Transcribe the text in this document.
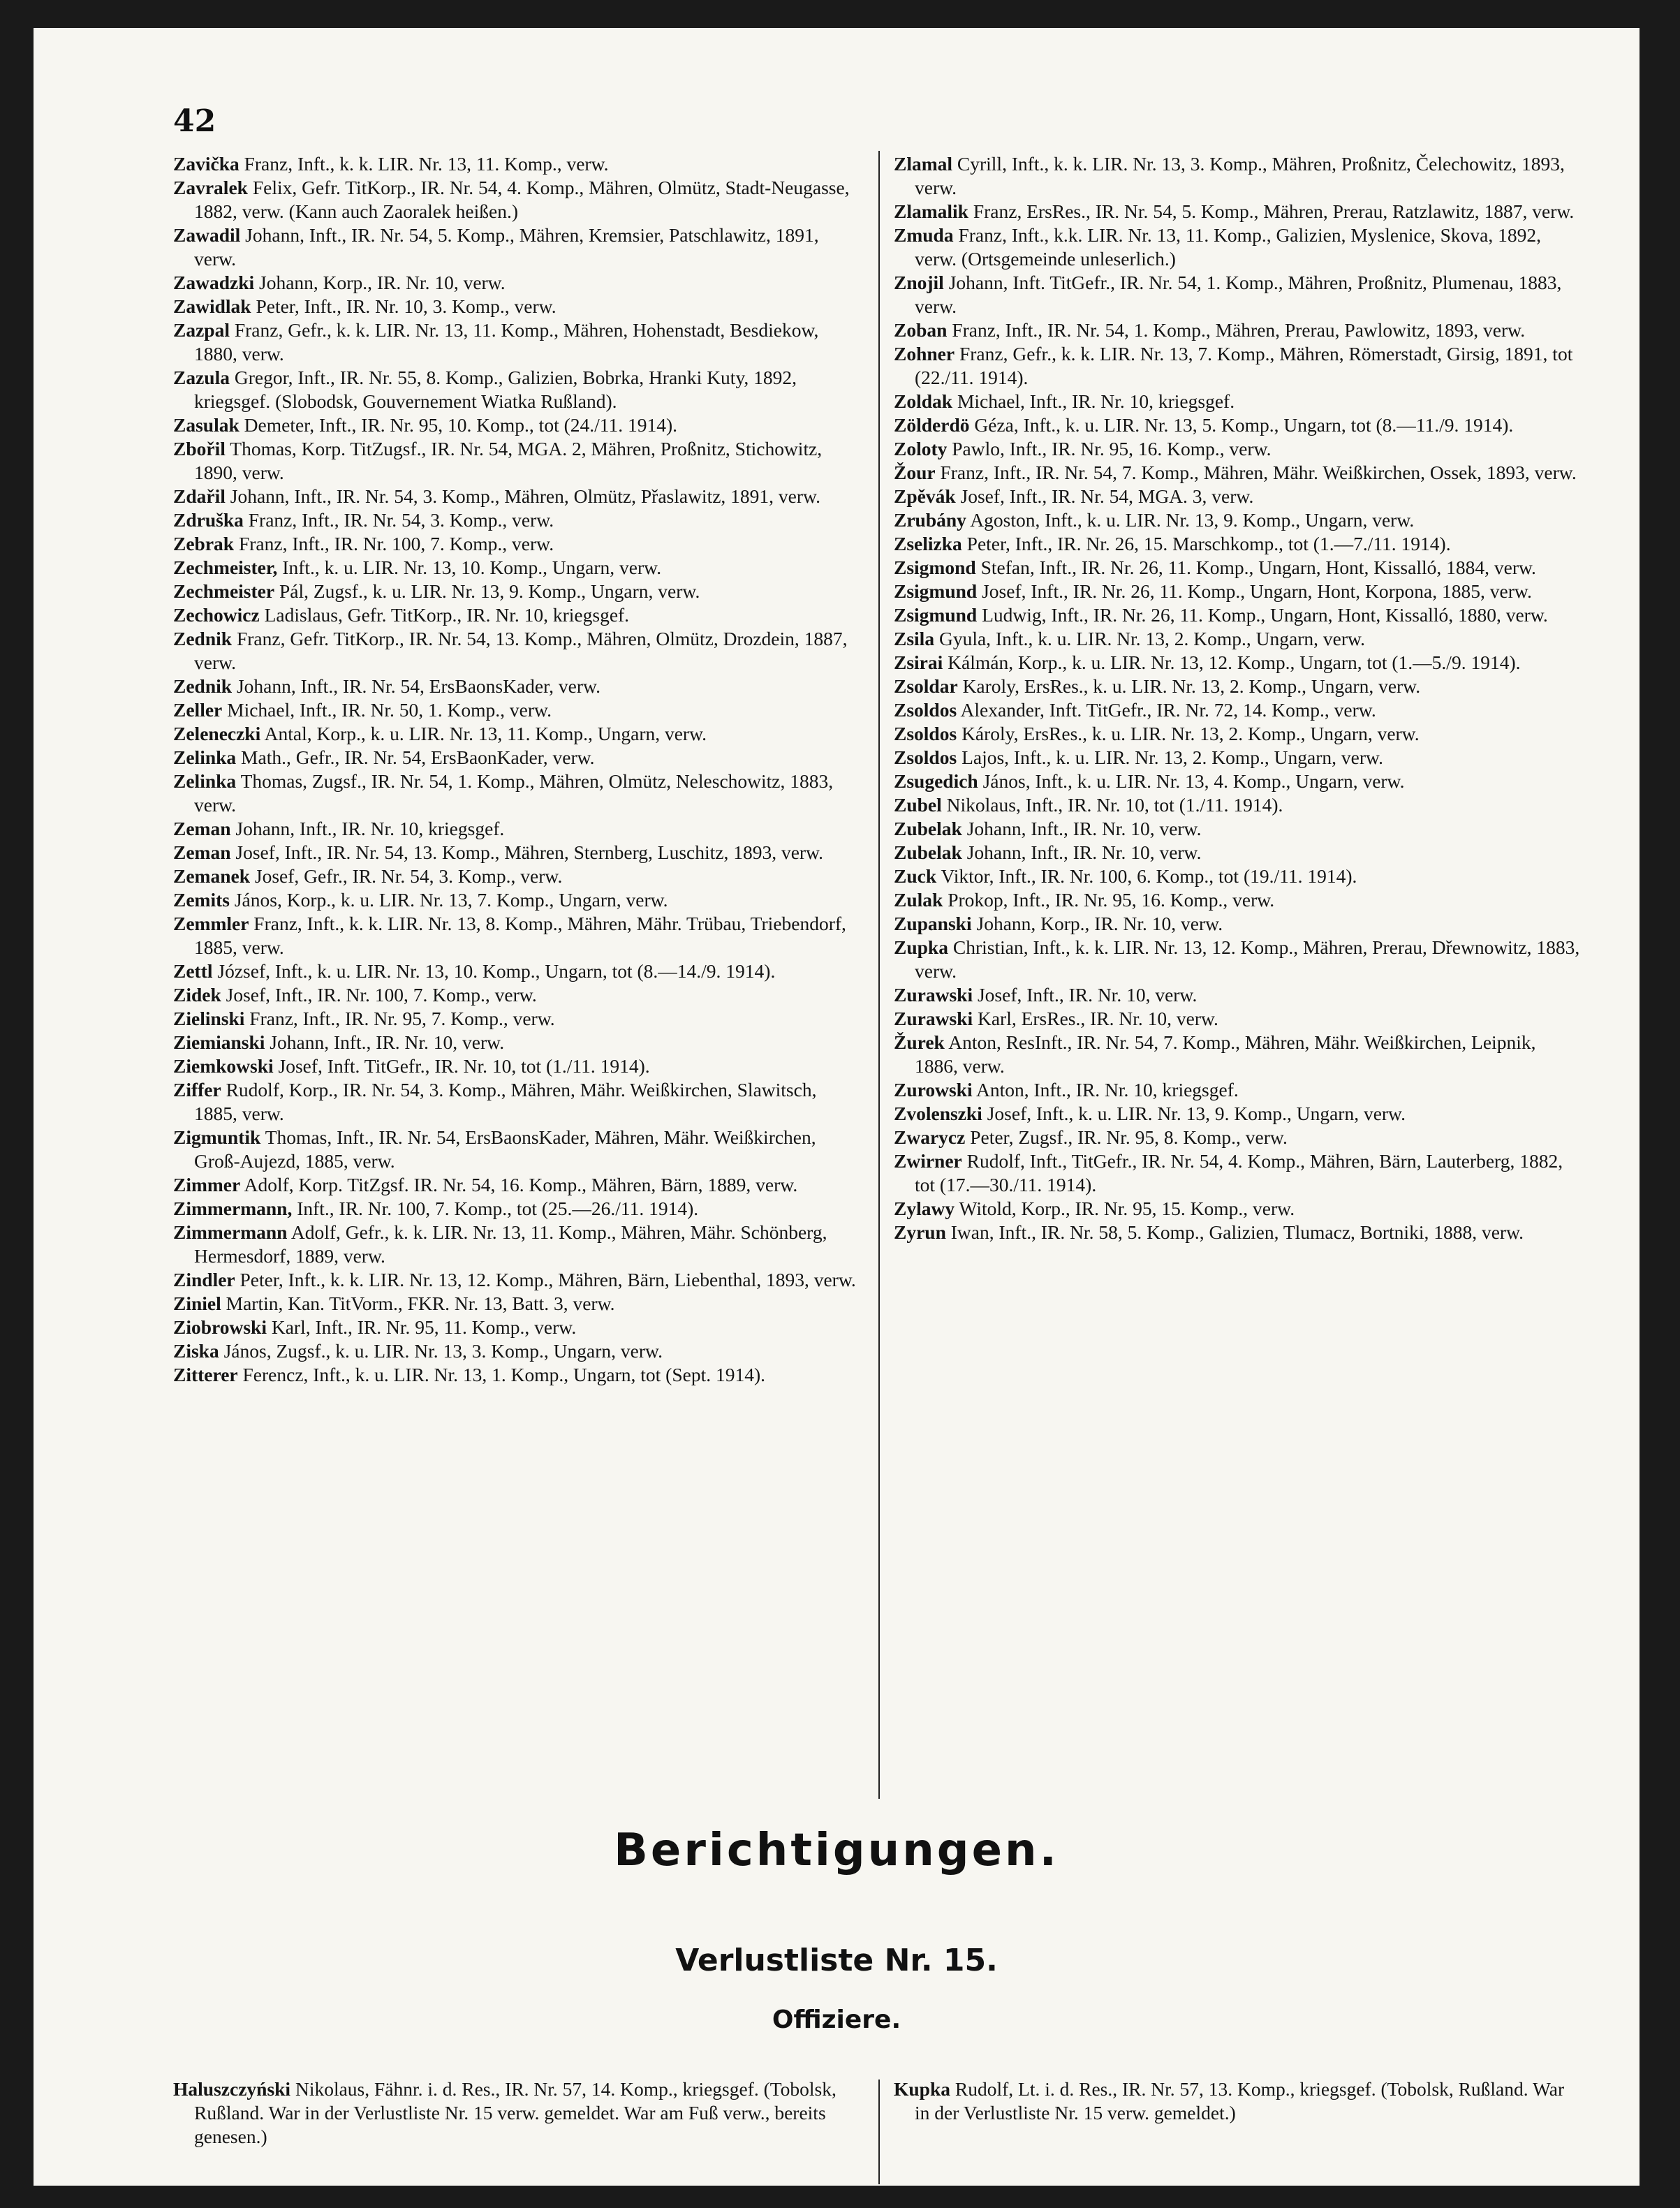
42

Zavička Franz, Inft., k. k. LIR. Nr. 13, 11. Komp., verw.

Zavralek Felix, Gefr. TitKorp., IR. Nr. 54, 4. Komp., Mähren, Olmütz, Stadt-Neugasse, 1882, verw. (Kann auch Zaoralek heißen.)

Zawadil Johann, Inft., IR. Nr. 54, 5. Komp., Mähren, Kremsier, Patschlawitz, 1891, verw.

Zawadzki Johann, Korp., IR. Nr. 10, verw.

Zawidlak Peter, Inft., IR. Nr. 10, 3. Komp., verw.

Zazpal Franz, Gefr., k. k. LIR. Nr. 13, 11. Komp., Mähren, Hohenstadt, Besdiekow, 1880, verw.

Zazula Gregor, Inft., IR. Nr. 55, 8. Komp., Galizien, Bobrka, Hranki Kuty, 1892, kriegsgef. (Slobodsk, Gouvernement Wiatka Rußland).

Zasulak Demeter, Inft., IR. Nr. 95, 10. Komp., tot (24./11. 1914).

Zbořil Thomas, Korp. TitZugsf., IR. Nr. 54, MGA. 2, Mähren, Proßnitz, Stichowitz, 1890, verw.

Zdařil Johann, Inft., IR. Nr. 54, 3. Komp., Mähren, Olmütz, Přaslawitz, 1891, verw.

Zdruška Franz, Inft., IR. Nr. 54, 3. Komp., verw.

Zebrak Franz, Inft., IR. Nr. 100, 7. Komp., verw.

Zechmeister, Inft., k. u. LIR. Nr. 13, 10. Komp., Ungarn, verw.

Zechmeister Pál, Zugsf., k. u. LIR. Nr. 13, 9. Komp., Ungarn, verw.

Zechowicz Ladislaus, Gefr. TitKorp., IR. Nr. 10, kriegsgef.

Zednik Franz, Gefr. TitKorp., IR. Nr. 54, 13. Komp., Mähren, Olmütz, Drozdein, 1887, verw.

Zednik Johann, Inft., IR. Nr. 54, ErsBaonsKader, verw.

Zeller Michael, Inft., IR. Nr. 50, 1. Komp., verw.

Zeleneczki Antal, Korp., k. u. LIR. Nr. 13, 11. Komp., Ungarn, verw.

Zelinka Math., Gefr., IR. Nr. 54, ErsBaonKader, verw.

Zelinka Thomas, Zugsf., IR. Nr. 54, 1. Komp., Mähren, Olmütz, Neleschowitz, 1883, verw.

Zeman Johann, Inft., IR. Nr. 10, kriegsgef.

Zeman Josef, Inft., IR. Nr. 54, 13. Komp., Mähren, Sternberg, Luschitz, 1893, verw.

Zemanek Josef, Gefr., IR. Nr. 54, 3. Komp., verw.

Zemits János, Korp., k. u. LIR. Nr. 13, 7. Komp., Ungarn, verw.

Zemmler Franz, Inft., k. k. LIR. Nr. 13, 8. Komp., Mähren, Mähr. Trübau, Triebendorf, 1885, verw.

Zettl József, Inft., k. u. LIR. Nr. 13, 10. Komp., Ungarn, tot (8.—14./9. 1914).

Zidek Josef, Inft., IR. Nr. 100, 7. Komp., verw.

Zielinski Franz, Inft., IR. Nr. 95, 7. Komp., verw.

Ziemianski Johann, Inft., IR. Nr. 10, verw.

Ziemkowski Josef, Inft. TitGefr., IR. Nr. 10, tot (1./11. 1914).

Ziffer Rudolf, Korp., IR. Nr. 54, 3. Komp., Mähren, Mähr. Weißkirchen, Slawitsch, 1885, verw.

Zigmuntik Thomas, Inft., IR. Nr. 54, ErsBaonsKader, Mähren, Mähr. Weißkirchen, Groß-Aujezd, 1885, verw.

Zimmer Adolf, Korp. TitZgsf. IR. Nr. 54, 16. Komp., Mähren, Bärn, 1889, verw.

Zimmermann, Inft., IR. Nr. 100, 7. Komp., tot (25.—26./11. 1914).

Zimmermann Adolf, Gefr., k. k. LIR. Nr. 13, 11. Komp., Mähren, Mähr. Schönberg, Hermesdorf, 1889, verw.

Zindler Peter, Inft., k. k. LIR. Nr. 13, 12. Komp., Mähren, Bärn, Liebenthal, 1893, verw.

Ziniel Martin, Kan. TitVorm., FKR. Nr. 13, Batt. 3, verw.

Ziobrowski Karl, Inft., IR. Nr. 95, 11. Komp., verw.

Ziska János, Zugsf., k. u. LIR. Nr. 13, 3. Komp., Ungarn, verw.

Zitterer Ferencz, Inft., k. u. LIR. Nr. 13, 1. Komp., Ungarn, tot (Sept. 1914).

Zlamal Cyrill, Inft., k. k. LIR. Nr. 13, 3. Komp., Mähren, Proßnitz, Čelechowitz, 1893, verw.

Zlamalik Franz, ErsRes., IR. Nr. 54, 5. Komp., Mähren, Prerau, Ratzlawitz, 1887, verw.

Zmuda Franz, Inft., k.k. LIR. Nr. 13, 11. Komp., Galizien, Myslenice, Skova, 1892, verw. (Ortsgemeinde unleserlich.)

Znojil Johann, Inft. TitGefr., IR. Nr. 54, 1. Komp., Mähren, Proßnitz, Plumenau, 1883, verw.

Zoban Franz, Inft., IR. Nr. 54, 1. Komp., Mähren, Prerau, Pawlowitz, 1893, verw.

Zohner Franz, Gefr., k. k. LIR. Nr. 13, 7. Komp., Mähren, Römerstadt, Girsig, 1891, tot (22./11. 1914).

Zoldak Michael, Inft., IR. Nr. 10, kriegsgef.

Zölderdö Géza, Inft., k. u. LIR. Nr. 13, 5. Komp., Ungarn, tot (8.—11./9. 1914).

Zoloty Pawlo, Inft., IR. Nr. 95, 16. Komp., verw.

Žour Franz, Inft., IR. Nr. 54, 7. Komp., Mähren, Mähr. Weißkirchen, Ossek, 1893, verw.

Zpěvák Josef, Inft., IR. Nr. 54, MGA. 3, verw.

Zrubány Agoston, Inft., k. u. LIR. Nr. 13, 9. Komp., Ungarn, verw.

Zselizka Peter, Inft., IR. Nr. 26, 15. Marschkomp., tot (1.—7./11. 1914).

Zsigmond Stefan, Inft., IR. Nr. 26, 11. Komp., Ungarn, Hont, Kissalló, 1884, verw.

Zsigmund Josef, Inft., IR. Nr. 26, 11. Komp., Ungarn, Hont, Korpona, 1885, verw.

Zsigmund Ludwig, Inft., IR. Nr. 26, 11. Komp., Ungarn, Hont, Kissalló, 1880, verw.

Zsila Gyula, Inft., k. u. LIR. Nr. 13, 2. Komp., Ungarn, verw.

Zsirai Kálmán, Korp., k. u. LIR. Nr. 13, 12. Komp., Ungarn, tot (1.—5./9. 1914).

Zsoldar Karoly, ErsRes., k. u. LIR. Nr. 13, 2. Komp., Ungarn, verw.

Zsoldos Alexander, Inft. TitGefr., IR. Nr. 72, 14. Komp., verw.

Zsoldos Károly, ErsRes., k. u. LIR. Nr. 13, 2. Komp., Ungarn, verw.

Zsoldos Lajos, Inft., k. u. LIR. Nr. 13, 2. Komp., Ungarn, verw.

Zsugedich János, Inft., k. u. LIR. Nr. 13, 4. Komp., Ungarn, verw.

Zubel Nikolaus, Inft., IR. Nr. 10, tot (1./11. 1914).

Zubelak Johann, Inft., IR. Nr. 10, verw.

Zubelak Johann, Inft., IR. Nr. 10, verw.

Zuck Viktor, Inft., IR. Nr. 100, 6. Komp., tot (19./11. 1914).

Zulak Prokop, Inft., IR. Nr. 95, 16. Komp., verw.

Zupanski Johann, Korp., IR. Nr. 10, verw.

Zupka Christian, Inft., k. k. LIR. Nr. 13, 12. Komp., Mähren, Prerau, Dřewnowitz, 1883, verw.

Zurawski Josef, Inft., IR. Nr. 10, verw.

Zurawski Karl, ErsRes., IR. Nr. 10, verw.

Žurek Anton, ResInft., IR. Nr. 54, 7. Komp., Mähren, Mähr. Weißkirchen, Leipnik, 1886, verw.

Zurowski Anton, Inft., IR. Nr. 10, kriegsgef.

Zvolenszki Josef, Inft., k. u. LIR. Nr. 13, 9. Komp., Ungarn, verw.

Zwarycz Peter, Zugsf., IR. Nr. 95, 8. Komp., verw.

Zwirner Rudolf, Inft., TitGefr., IR. Nr. 54, 4. Komp., Mähren, Bärn, Lauterberg, 1882, tot (17.—30./11. 1914).

Zylawy Witold, Korp., IR. Nr. 95, 15. Komp., verw.

Zyrun Iwan, Inft., IR. Nr. 58, 5. Komp., Galizien, Tlumacz, Bortniki, 1888, verw.

Berichtigungen.
Verlustliste Nr. 15.
Offiziere.

Haluszczyński Nikolaus, Fähnr. i. d. Res., IR. Nr. 57, 14. Komp., kriegsgef. (Tobolsk, Rußland. War in der Verlustliste Nr. 15 verw. gemeldet. War am Fuß verw., bereits genesen.)

Kupka Rudolf, Lt. i. d. Res., IR. Nr. 57, 13. Komp., kriegsgef. (Tobolsk, Rußland. War in der Verlustliste Nr. 15 verw. gemeldet.)
